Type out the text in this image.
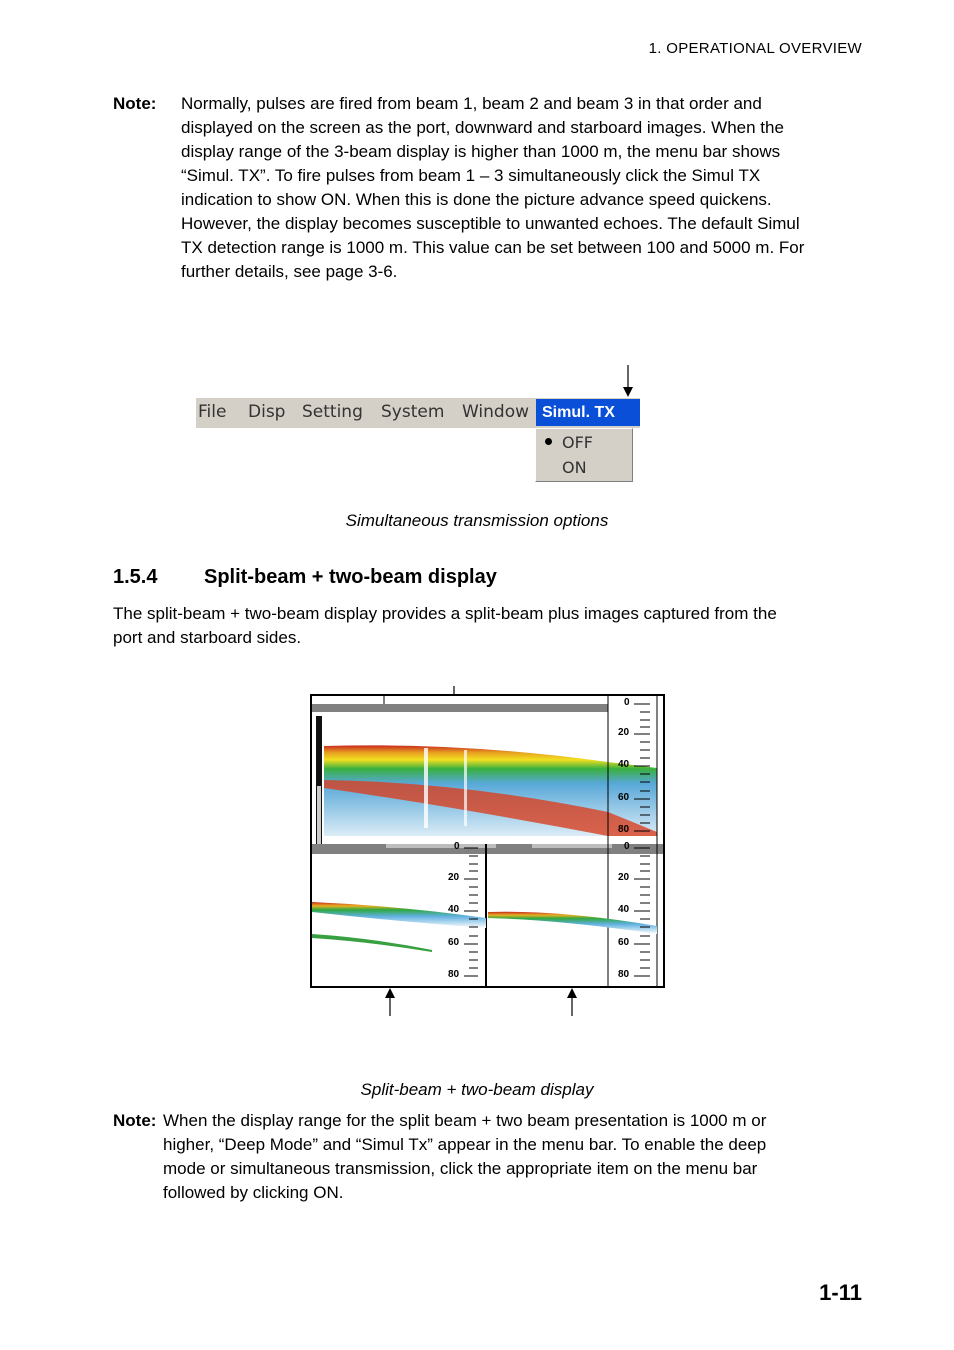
1. OPERATIONAL OVERVIEW
Note: Normally, pulses are fired from beam 1, beam 2 and beam 3 in that order and
displayed on the screen as the port, downward and starboard images. When the
display range of the 3-beam display is higher than 1000 m, the menu bar shows
“Simul. TX”. To fire pulses from beam 1 – 3 simultaneously click the Simul TX
indication to show ON. When this is done the picture advance speed quickens.
However, the display becomes susceptible to unwanted echoes. The default Simul
TX detection range is 1000 m. This value can be set between 100 and 5000 m. For
further details, see page 3-6.
File Disp Setting System Window Simul. TX
OFF
ON
Simultaneous transmission options
1.5.4 Split-beam + two-beam display
The split-beam + two-beam display provides a split-beam plus images captured from the
port and starboard sides.
0
20
40
60
80
0
20
40
60
80
0
20
40
60
80
Split-beam + two-beam display
Note: When the display range for the split beam + two beam presentation is 1000 m or
higher, “Deep Mode” and “Simul Tx” appear in the menu bar. To enable the deep
mode or simultaneous transmission, click the appropriate item on the menu bar
followed by clicking ON.
1-11
